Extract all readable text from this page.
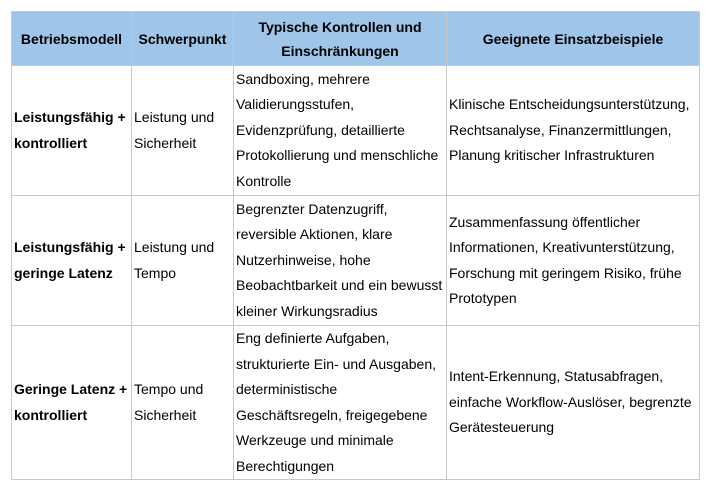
Betriebsmodell	Schwerpunkt	Typische Kontrollen und Einschränkungen	Geeignete Einsatzbeispiele
Leistungsfähig + kontrolliert	Leistung und Sicherheit	Sandboxing, mehrere Validierungsstufen, Evidenzprüfung, detaillierte Protokollierung und menschliche Kontrolle	Klinische Entscheidungsunterstützung, Rechtsanalyse, Finanzermittlungen, Planung kritischer Infrastrukturen
Leistungsfähig + geringe Latenz	Leistung und Tempo	Begrenzter Datenzugriff, reversible Aktionen, klare Nutzerhinweise, hohe Beobachtbarkeit und ein bewusst kleiner Wirkungsradius	Zusammenfassung öffentlicher Informationen, Kreativunterstützung, Forschung mit geringem Risiko, frühe Prototypen
Geringe Latenz + kontrolliert	Tempo und Sicherheit	Eng definierte Aufgaben, strukturierte Ein- und Ausgaben, deterministische Geschäftsregeln, freigegebene Werkzeuge und minimale Berechtigungen	Intent-Erkennung, Statusabfragen, einfache Workflow-Auslöser, begrenzte Gerätesteuerung
